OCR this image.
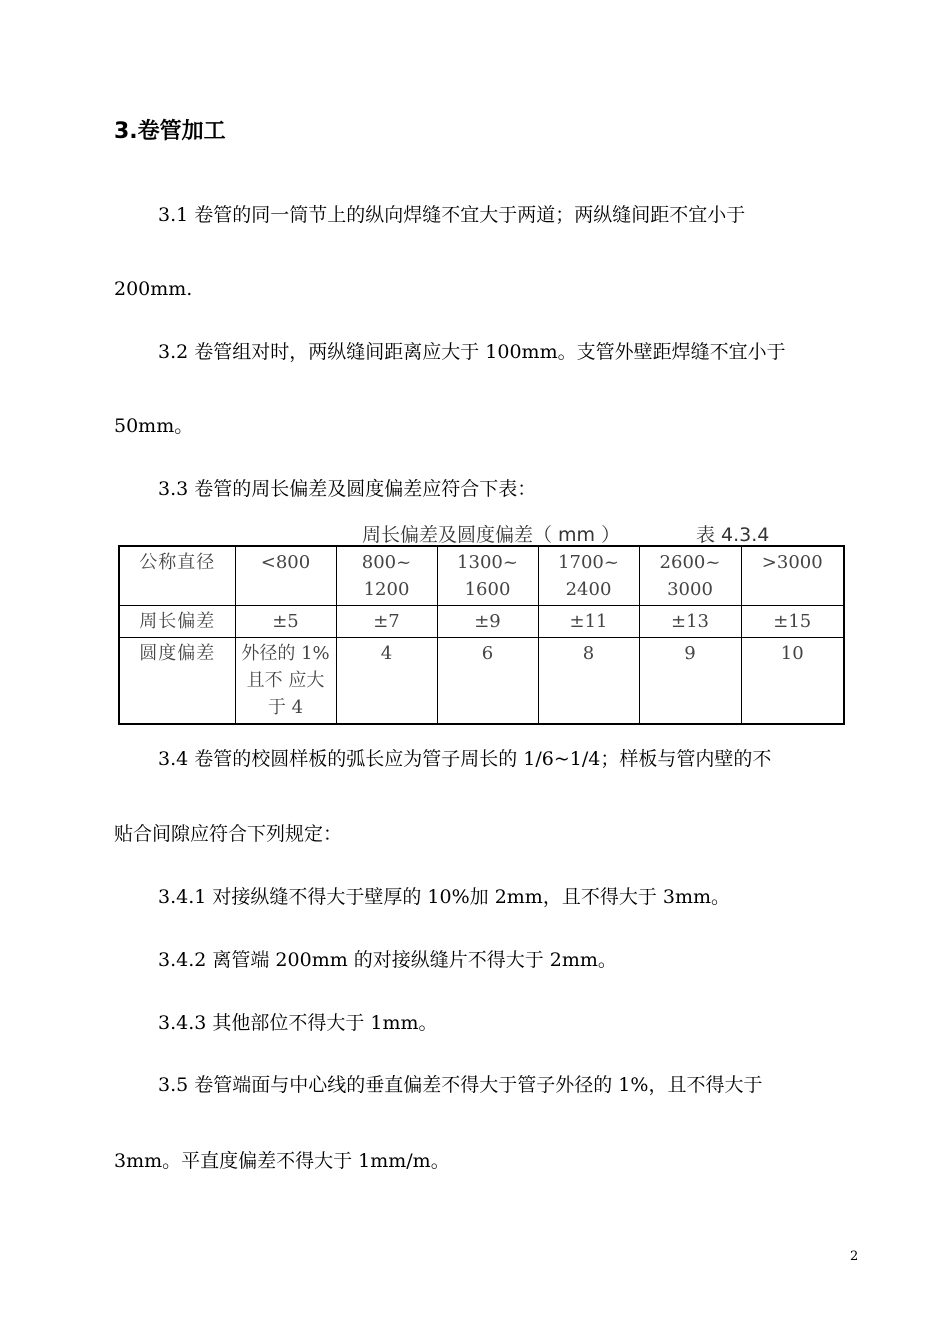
3.卷管加工
3.1 卷管的同一筒节上的纵向焊缝不宜大于两道；两纵缝间距不宜小于
200mm.
3.2 卷管组对时，两纵缝间距离应大于 100mm。支管外壁距焊缝不宜小于
50mm。
3.3 卷管的周长偏差及圆度偏差应符合下表：
周长偏差及圆度偏差（ mm ）	表 4.3.4
公称直径	<800	800~ 1200	1300~ 1600	1700~ 2400	2600~ 3000	>3000
周长偏差	±5	±7	±9	±11	±13	±15
圆度偏差	外径的 1%且不 应大于 4	4	6	8	9	10
3.4 卷管的校圆样板的弧长应为管子周长的 1/6~1/4；样板与管内壁的不
贴合间隙应符合下列规定：
3.4.1 对接纵缝不得大于壁厚的 10%加 2mm，且不得大于 3mm。
3.4.2 离管端 200mm 的对接纵缝片不得大于 2mm。
3.4.3 其他部位不得大于 1mm。
3.5 卷管端面与中心线的垂直偏差不得大于管子外径的 1%，且不得大于
3mm。平直度偏差不得大于 1mm/m。
2
